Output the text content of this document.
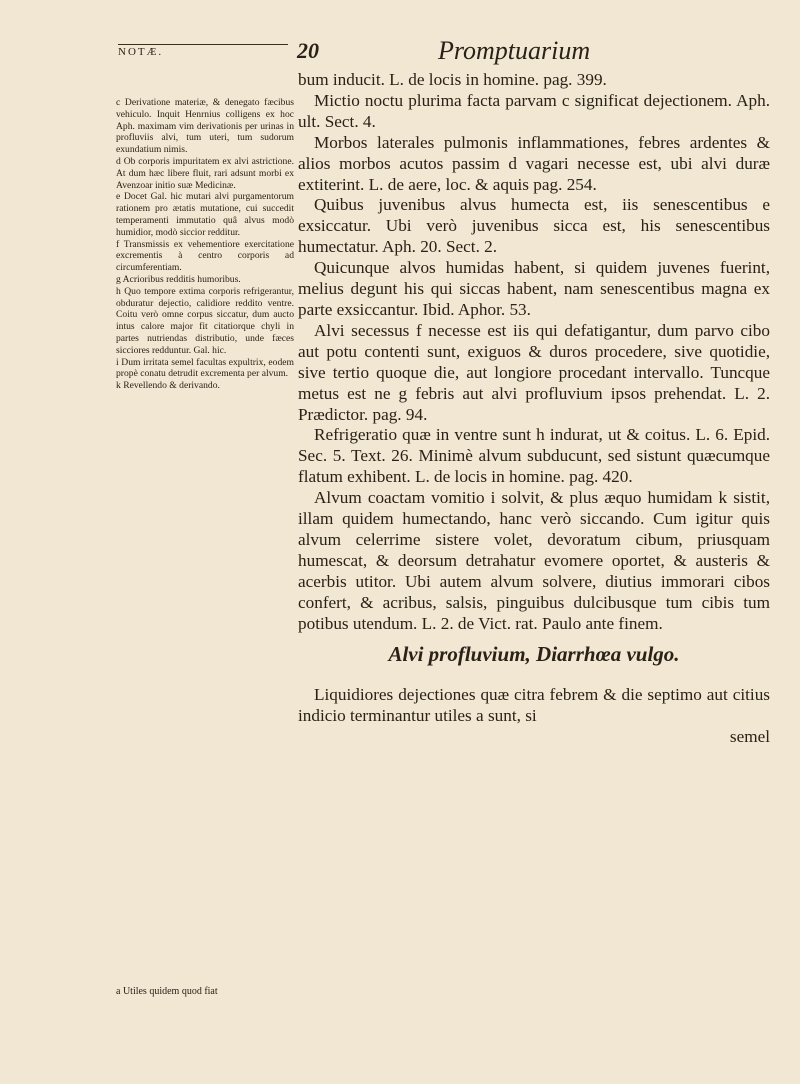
NOTÆ.	20	Promptuarium

c Derivatione materiæ, & denegato fæcibus vehiculo. Inquit Henrnius colligens ex hoc Aph. maximam vim derivationis per urinas in profluviis alvi, tum uteri, tum sudorum exundatium nimis.

d Ob corporis impuritatem ex alvi astrictione. At dum hæc libere fluit, rari adsunt morbi ex Avenzoar initio suæ Medicinæ.

e Docet Gal. hic mutari alvi purgamentorum rationem pro ætatis mutatione, cui succedit temperamenti immutatio quâ alvus modò humidior, modò siccior redditur.

f Transmissis ex vehementiore exercitatione excrementis à centro corporis ad circumferentiam.

g Acrioribus redditis humoribus.

h Quo tempore extima corporis refrigerantur, obduratur dejectio, calidiore reddito ventre. Coitu verò omne corpus siccatur, dum aucto intus calore major fit citatiorque chyli in partes nutriendas distributio, unde fæces sicciores redduntur. Gal. hic.

i Dum irritata semel facultas expultrix, eodem propè conatu detrudit excrementa per alvum.

k Revellendo & derivando.

bum inducit. L. de locis in homine. pag. 399.

Mictio noctu plurima facta parvam c significat dejectionem. Aph. ult. Sect. 4.

Morbos laterales pulmonis inflammationes, febres ardentes & alios morbos acutos passim d vagari necesse est, ubi alvi duræ extiterint. L. de aere, loc. & aquis pag. 254.

Quibus juvenibus alvus humecta est, iis senescentibus e exsiccatur. Ubi verò juvenibus sicca est, his senescentibus humectatur. Aph. 20. Sect. 2.

Quicunque alvos humidas habent, si quidem juvenes fuerint, melius degunt his qui siccas habent, nam senescentibus magna ex parte exsiccantur. Ibid. Aphor. 53.

Alvi secessus f necesse est iis qui defatigantur, dum parvo cibo aut potu contenti sunt, exiguos & duros procedere, sive quotidie, sive tertio quoque die, aut longiore procedant intervallo. Tuncque metus est ne g febris aut alvi profluvium ipsos prehendat. L. 2. Prædictor. pag. 94.

Refrigeratio quæ in ventre sunt h indurat, ut & coitus. L. 6. Epid. Sec. 5. Text. 26. Minimè alvum subducunt, sed sistunt quæcumque flatum exhibent. L. de locis in homine. pag. 420.

Alvum coactam vomitio i solvit, & plus æquo humidam k sistit, illam quidem humectando, hanc verò siccando. Cum igitur quis alvum celerrime sistere volet, devoratum cibum, priusquam humescat, & deorsum detrahatur evomere oportet, & austeris & acerbis utitor. Ubi autem alvum solvere, diutius immorari cibos confert, & acribus, salsis, pinguibus dulcibusque tum cibis tum potibus utendum. L. 2. de Vict. rat. Paulo ante finem.

Alvi profluvium, Diarrhœa vulgo.

Liquidiores dejectiones quæ citra febrem & die septimo aut citius indicio terminantur utiles a sunt, si

semel

a Utiles quidem quod fiat
